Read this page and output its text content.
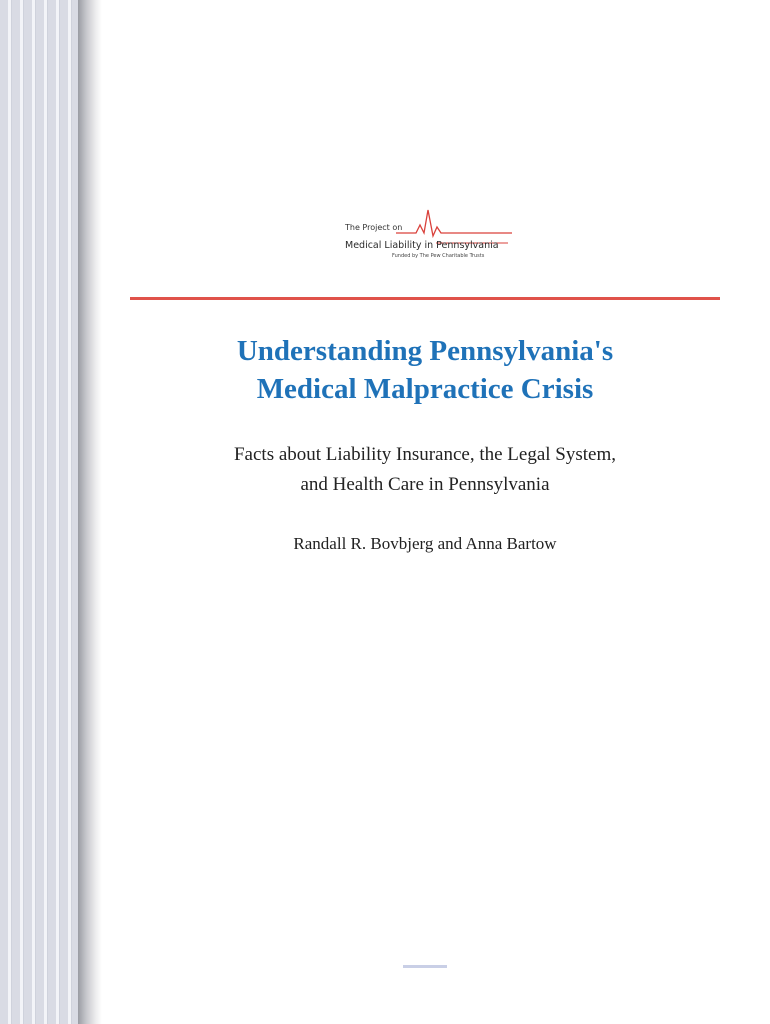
The Project on
Medical Liability in Pennsylvania
Funded by The Pew Charitable Trusts
Understanding Pennsylvania's
Medical Malpractice Crisis
Facts about Liability Insurance, the Legal System,
and Health Care in Pennsylvania
Randall R. Bovbjerg and Anna Bartow
